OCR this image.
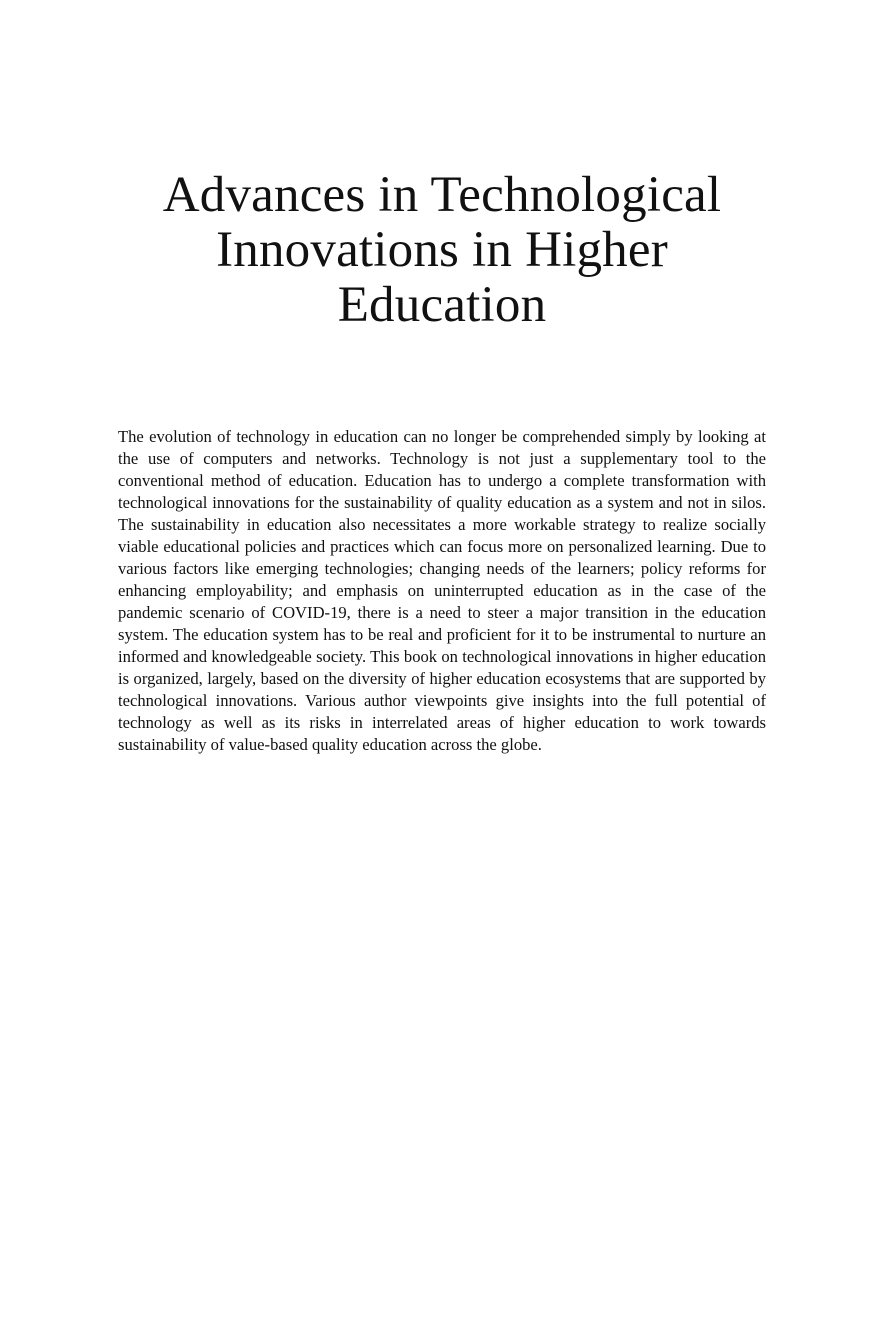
Advances in Technological
Innovations in Higher
Education

The evolution of technology in education can no longer be comprehended simply by looking at the use of computers and networks. Technology is not just a supplementary tool to the conventional method of education. Education has to undergo a complete transformation with technological innovations for the sustainability of quality education as a system and not in silos. The sustainability in education also necessitates a more workable strategy to realize socially viable educational policies and practices which can focus more on personalized learning. Due to various factors like emerging technologies; changing needs of the learners; policy reforms for enhancing employability; and emphasis on uninterrupted education as in the case of the pandemic scenario of COVID-19, there is a need to steer a major transition in the education system. The education system has to be real and proficient for it to be instrumental to nurture an informed and knowledgeable society. This book on technological innovations in higher education is organized, largely, based on the diversity of higher education ecosystems that are supported by technological innovations. Various author viewpoints give insights into the full potential of technology as well as its risks in interrelated areas of higher education to work towards sustainability of value-based quality education across the globe.
